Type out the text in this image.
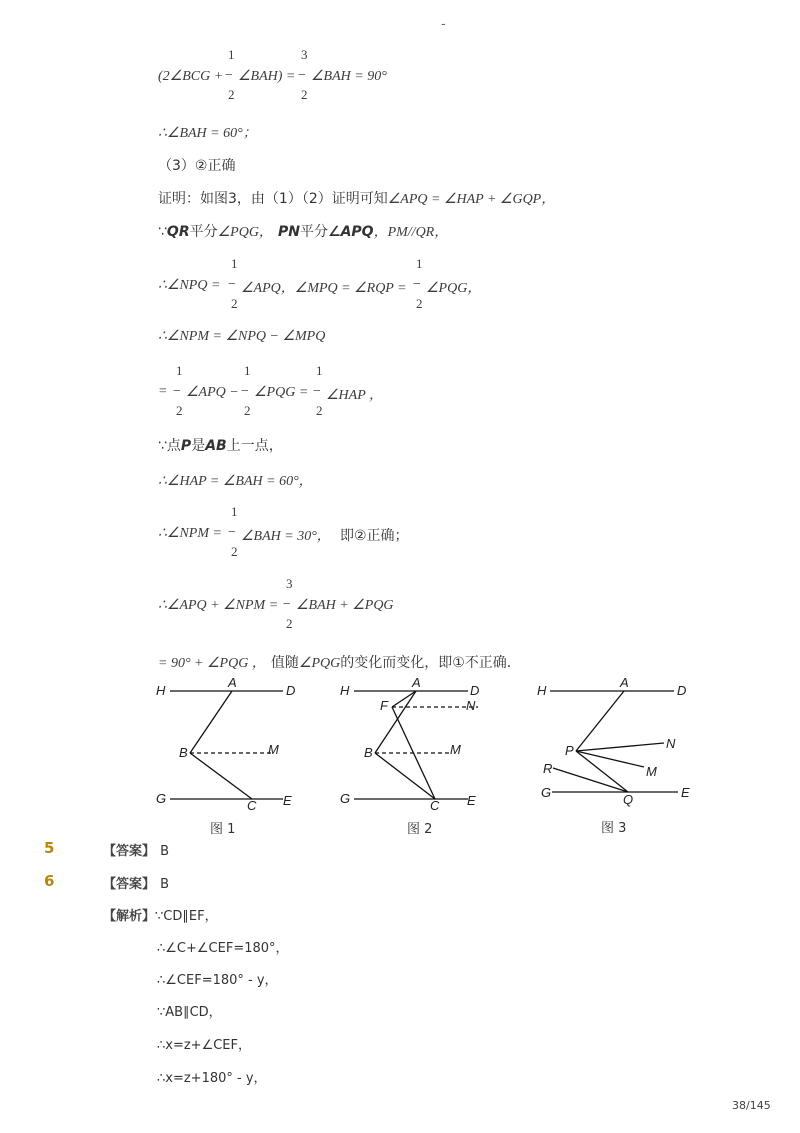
-
(2∠BCG +
1
−
2
∠BAH) =
3
−
2
∠BAH = 90°
∴∠BAH = 60°；
（3）②正确
证明：如图3，由（1）（2）证明可知∠APQ = ∠HAP + ∠GQP，
∵QR平分∠PQG， PN平分∠APQ，PM//QR，
∴∠NPQ =
1
−
2
∠APQ，∠MPQ = ∠RQP =
1
−
2
∠PQG，
∴∠NPM = ∠NPQ − ∠MPQ
=
1
−
2
∠APQ −
1
−
2
∠PQG =
1
−
2
∠HAP ，
∵点P是AB上一点，
∴∠HAP = ∠BAH = 60°，
∴∠NPM =
1
−
2
∠BAH = 30°， 即②正确；
∴∠APQ + ∠NPM =
3
−
2
∠BAH + ∠PQG
= 90° + ∠PQG ， 值随∠PQG的变化而变化，即①不正确．
H
A
D
B	M
G	C E
H
A
D
F	N
B	M
G	C E
H
A
D
P	N
R	M
G	Q	E
图 1	图 2	图 3
5	【答案】 B
6	【答案】 B
【解析】∵CD∥EF，
∴∠C+∠CEF=180°，
∴∠CEF=180° - y，
∵AB∥CD，
∴x=z+∠CEF，
∴x=z+180° - y，
38/145
